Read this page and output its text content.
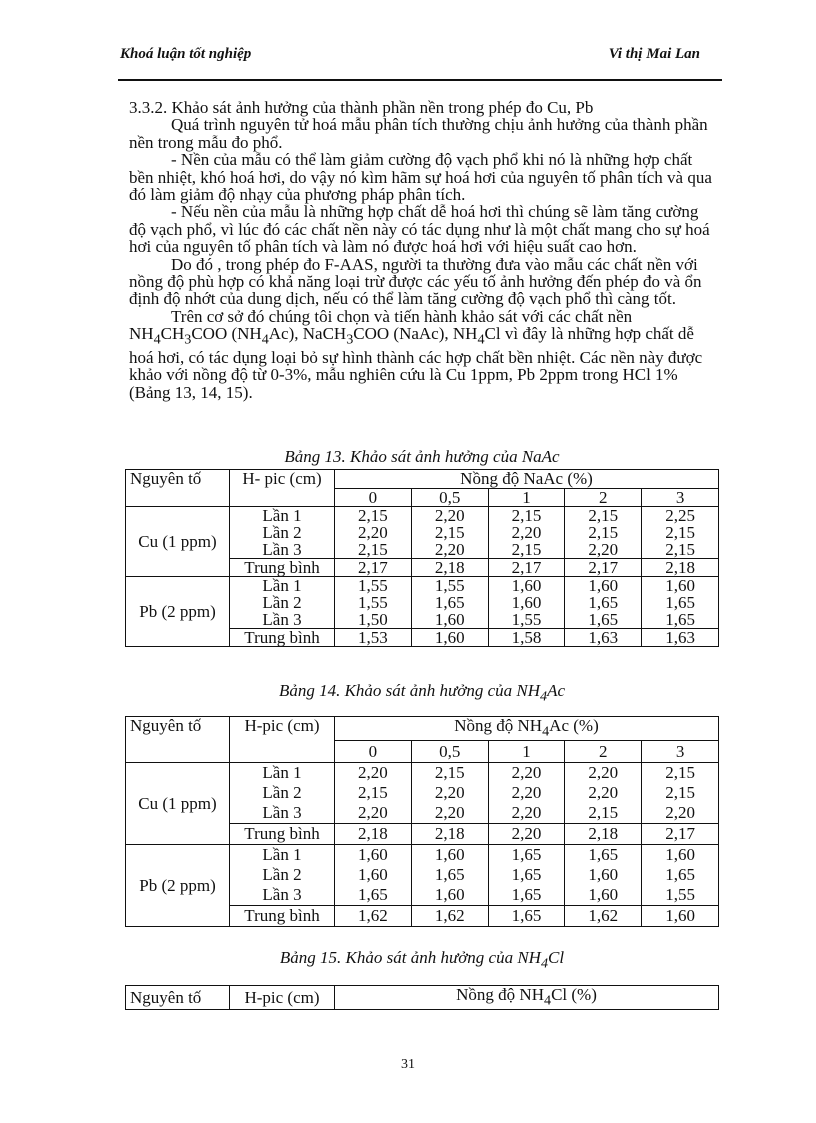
Khoá luận tốt nghiệp	Vi thị Mai Lan

3.3.2. Khảo sát ảnh hưởng của thành phần nền trong phép đo Cu, Pb

Quá trình nguyên tử hoá mẫu phân tích thường chịu ảnh hưởng của thành phần nền trong mẫu đo phổ.

- Nền của mẫu có thể làm giảm cường độ vạch phổ khi nó là những hợp chất bền nhiệt, khó hoá hơi, do vậy nó kìm hãm sự hoá hơi của nguyên tố phân tích và qua đó làm giảm độ nhạy của phương pháp phân tích.

- Nếu nền của mẫu là những hợp chất dễ hoá hơi thì chúng sẽ làm tăng cường độ vạch phổ, vì lúc đó các chất nền này có tác dụng như là một chất mang cho sự hoá hơi của nguyên tố phân tích và làm nó được hoá hơi với hiệu suất cao hơn.

Do đó , trong phép đo F-AAS, người ta thường đưa vào mẫu các chất nền với nồng độ phù hợp có khả năng loại trừ được các yếu tố ảnh hưởng đến phép đo và ổn định độ nhớt của dung dịch, nếu có thể làm tăng cường độ vạch phổ thì càng tốt.

Trên cơ sở đó chúng tôi chọn và tiến hành khảo sát với các chất nền $NH_4CH_3COO$ $(NH_4Ac)$, NaCH$_3$COO (NaAc), $NH_4Cl$ vì đây là những hợp chất dễ hoá hơi, có tác dụng loại bỏ sự hình thành các hợp chất bền nhiệt. Các nền này được khảo với nồng độ từ 0-3%, mẫu nghiên cứu là Cu 1ppm, Pb 2ppm trong HCl 1% (Bảng 13, 14, 15).

Bảng 13. Khảo sát ảnh hưởng của NaAc
Nguyên tố	H- pic (cm)	Nồng độ NaAc (%)				
		0	0,5	1	2	3
Cu (1 ppm)	Lần 1	2,15	2,20	2,15	2,15	2,25
	Lần 2	2,20	2,15	2,20	2,15	2,15
	Lần 3	2,15	2,20	2,15	2,20	2,15
	Trung bình	2,17	2,18	2,17	2,17	2,18
Pb (2 ppm)	Lần 1	1,55	1,55	1,60	1,60	1,60
	Lần 2	1,55	1,65	1,60	1,65	1,65
	Lần 3	1,50	1,60	1,55	1,65	1,65
	Trung bình	1,53	1,60	1,58	1,63	1,63
Bảng 14. Khảo sát ảnh hưởng của $NH_4Ac$
Nguyên tố	H-pic (cm)	Nồng độ $NH_4Ac$ (%)				
		0	0,5	1	2	3
Cu (1 ppm)	Lần 1	2,20	2,15	2,20	2,20	2,15
	Lần 2	2,15	2,20	2,20	2,20	2,15
	Lần 3	2,20	2,20	2,20	2,15	2,20
	Trung bình	2,18	2,18	2,20	2,18	2,17
Pb (2 ppm)	Lần 1	1,60	1,60	1,65	1,65	1,60
	Lần 2	1,60	1,65	1,65	1,60	1,65
	Lần 3	1,65	1,60	1,65	1,60	1,55
	Trung bình	1,62	1,62	1,65	1,62	1,60
Bảng 15. Khảo sát ảnh hưởng của $NH_4Cl$
Nguyên tố	H-pic (cm)	Nồng độ $NH_4Cl$ (%)
31
